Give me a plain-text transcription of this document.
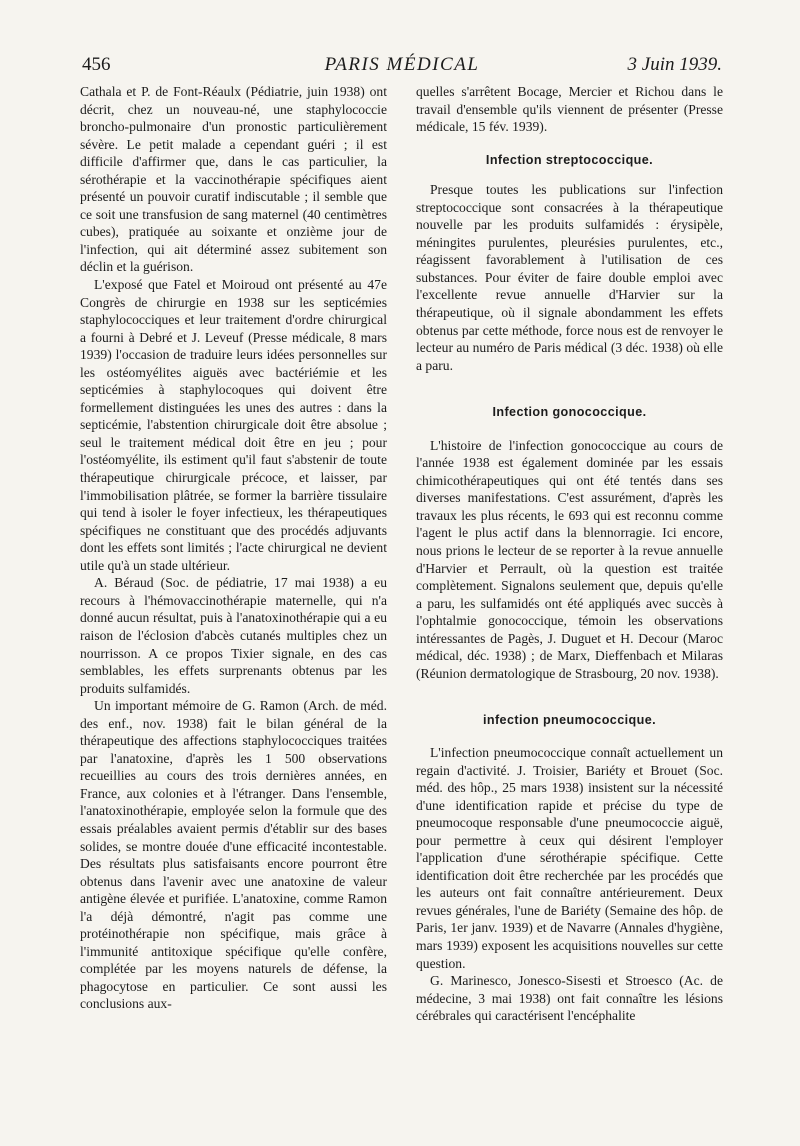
456	PARIS MÉDICAL	3 Juin 1939.

Cathala et P. de Font-Réaulx (Pédiatrie, juin 1938) ont décrit, chez un nouveau-né, une staphylococcie broncho-pulmonaire d'un pronostic particulièrement sévère. Le petit malade a cependant guéri ; il est difficile d'affirmer que, dans le cas particulier, la sérothérapie et la vaccinothérapie spécifiques aient présenté un pouvoir curatif indiscutable ; il semble que ce soit une transfusion de sang maternel (40 centimètres cubes), pratiquée au soixante et onzième jour de l'infection, qui ait déterminé assez subitement son déclin et la guérison.

L'exposé que Fatel et Moiroud ont présenté au 47e Congrès de chirurgie en 1938 sur les septicémies staphylococciques et leur traitement d'ordre chirurgical a fourni à Debré et J. Leveuf (Presse médicale, 8 mars 1939) l'occasion de traduire leurs idées personnelles sur les ostéomyélites aiguës avec bactériémie et les septicémies à staphylocoques qui doivent être formellement distinguées les unes des autres : dans la septicémie, l'abstention chirurgicale doit être absolue ; seul le traitement médical doit être en jeu ; pour l'ostéomyélite, ils estiment qu'il faut s'abstenir de toute thérapeutique chirurgicale précoce, et laisser, par l'immobilisation plâtrée, se former la barrière tissulaire qui tend à isoler le foyer infectieux, les thérapeutiques spécifiques ne constituant que des procédés adjuvants dont les effets sont limités ; l'acte chirurgical ne devient utile qu'à un stade ultérieur.

A. Béraud (Soc. de pédiatrie, 17 mai 1938) a eu recours à l'hémovaccinothérapie maternelle, qui n'a donné aucun résultat, puis à l'anatoxinothérapie qui a eu raison de l'éclosion d'abcès cutanés multiples chez un nourrisson. A ce propos Tixier signale, en des cas semblables, les effets surprenants obtenus par les produits sulfamidés.

Un important mémoire de G. Ramon (Arch. de méd. des enf., nov. 1938) fait le bilan général de la thérapeutique des affections staphylococciques traitées par l'anatoxine, d'après les 1 500 observations recueillies au cours des trois dernières années, en France, aux colonies et à l'étranger. Dans l'ensemble, l'anatoxinothérapie, employée selon la formule que des essais préalables avaient permis d'établir sur des bases solides, se montre douée d'une efficacité incontestable. Des résultats plus satisfaisants encore pourront être obtenus dans l'avenir avec une anatoxine de valeur antigène élevée et purifiée. L'anatoxine, comme Ramon l'a déjà démontré, n'agit pas comme une protéinothérapie non spécifique, mais grâce à l'immunité antitoxique spécifique qu'elle confère, complétée par les moyens naturels de défense, la phagocytose en particulier. Ce sont aussi les conclusions aux-

quelles s'arrêtent Bocage, Mercier et Richou dans le travail d'ensemble qu'ils viennent de présenter (Presse médicale, 15 fév. 1939).

Infection streptococcique.

Presque toutes les publications sur l'infection streptococcique sont consacrées à la thérapeutique nouvelle par les produits sulfamidés : érysipèle, méningites purulentes, pleurésies purulentes, etc., réagissent favorablement à l'utilisation de ces substances. Pour éviter de faire double emploi avec l'excellente revue annuelle d'Harvier sur la thérapeutique, où il signale abondamment les effets obtenus par cette méthode, force nous est de renvoyer le lecteur au numéro de Paris médical (3 déc. 1938) où elle a paru.

Infection gonococcique.

L'histoire de l'infection gonococcique au cours de l'année 1938 est également dominée par les essais chimicothérapeutiques qui ont été tentés dans ses diverses manifestations. C'est assurément, d'après les travaux les plus récents, le 693 qui est reconnu comme l'agent le plus actif dans la blennorragie. Ici encore, nous prions le lecteur de se reporter à la revue annuelle d'Harvier et Perrault, où la question est traitée complètement. Signalons seulement que, depuis qu'elle a paru, les sulfamidés ont été appliqués avec succès à l'ophtalmie gonococcique, témoin les observations intéressantes de Pagès, J. Duguet et H. Decour (Maroc médical, déc. 1938) ; de Marx, Dieffenbach et Milaras (Réunion dermatologique de Strasbourg, 20 nov. 1938).

infection pneumococcique.

L'infection pneumococcique connaît actuellement un regain d'activité. J. Troisier, Bariéty et Brouet (Soc. méd. des hôp., 25 mars 1938) insistent sur la nécessité d'une identification rapide et précise du type de pneumocoque responsable d'une pneumococcie aiguë, pour permettre à ceux qui désirent l'employer l'application d'une sérothérapie spécifique. Cette identification doit être recherchée par les procédés que les auteurs ont fait connaître antérieurement. Deux revues générales, l'une de Bariéty (Semaine des hôp. de Paris, 1er janv. 1939) et de Navarre (Annales d'hygiène, mars 1939) exposent les acquisitions nouvelles sur cette question.

G. Marinesco, Jonesco-Sisesti et Stroesco (Ac. de médecine, 3 mai 1938) ont fait connaître les lésions cérébrales qui caractérisent l'encéphalite
